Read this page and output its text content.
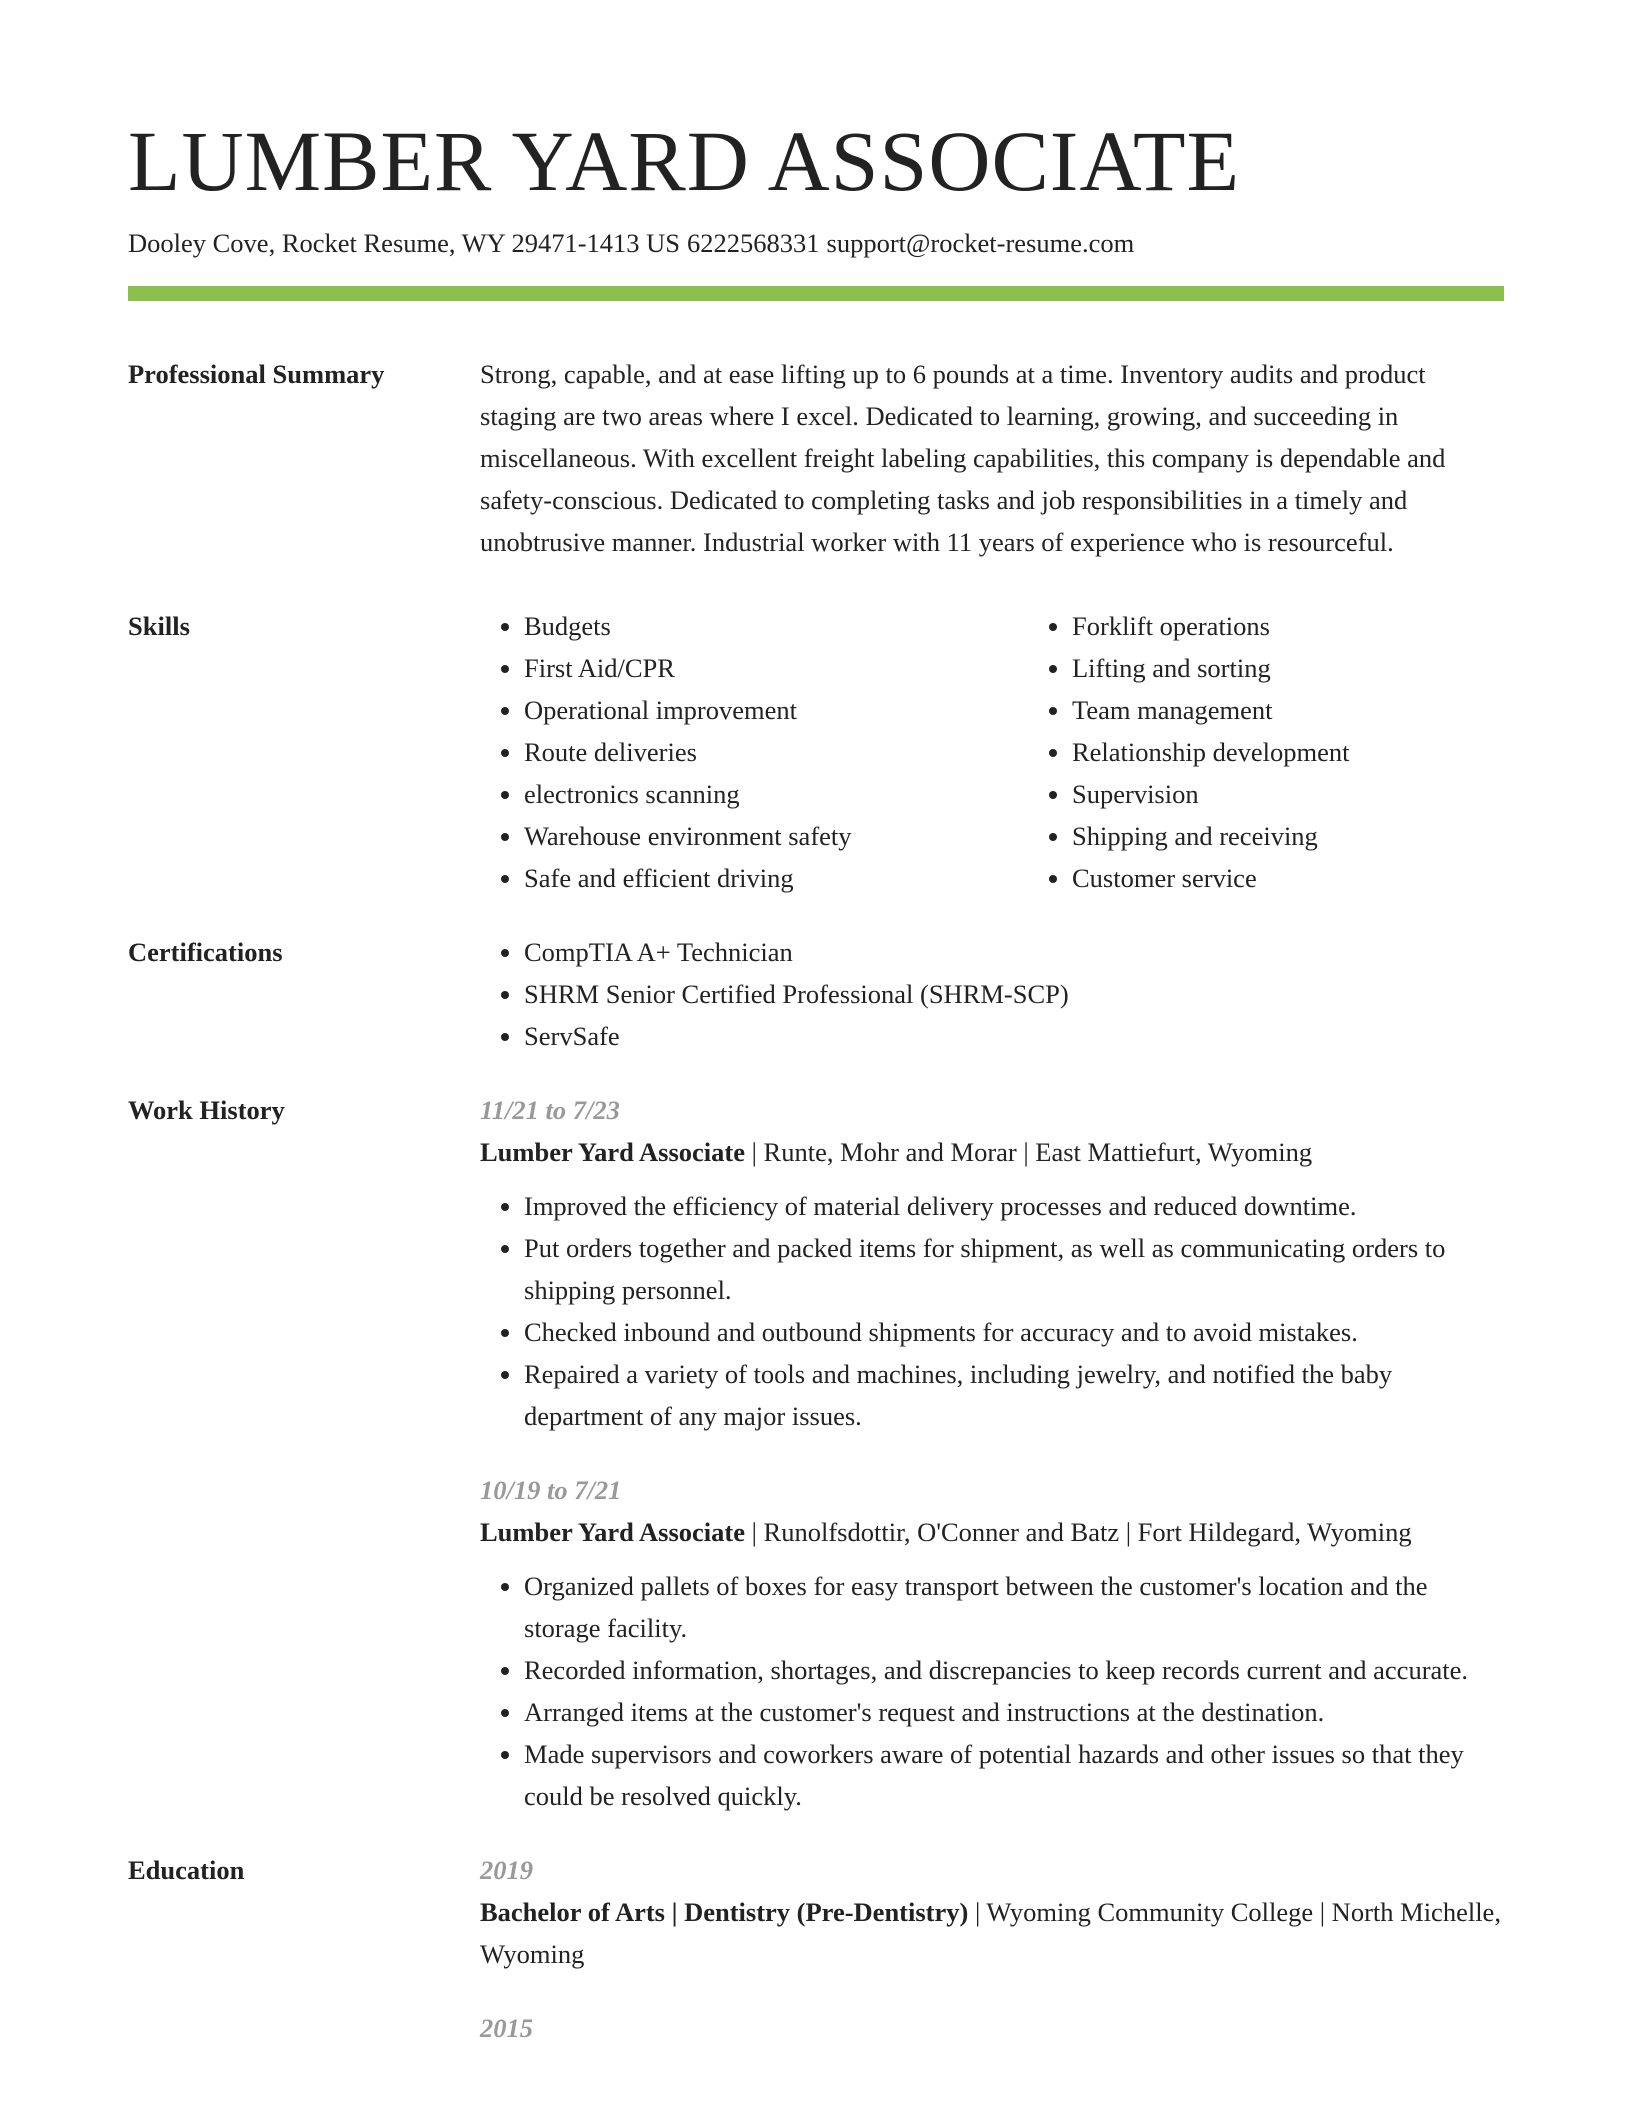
LUMBER YARD ASSOCIATE
Dooley Cove, Rocket Resume, WY 29471-1413 US 6222568331 support@rocket-resume.com
Professional Summary	Strong, capable, and at ease lifting up to 6 pounds at a time. Inventory audits and product staging are two areas where I excel. Dedicated to learning, growing, and succeeding in miscellaneous. With excellent freight labeling capabilities, this company is dependable and safety-conscious. Dedicated to completing tasks and job responsibilities in a timely and unobtrusive manner. Industrial worker with 11 years of experience who is resourceful.

Skills	• Budgets
• First Aid/CPR
• Operational improvement
• Route deliveries
• electronics scanning
• Warehouse environment safety
• Safe and efficient driving
• Forklift operations
• Lifting and sorting
• Team management
• Relationship development
• Supervision
• Shipping and receiving
• Customer service
Certifications	• CompTIA A+ Technician
• SHRM Senior Certified Professional (SHRM-SCP)
• ServSafe
Work History	11/21 to 7/23
Lumber Yard Associate | Runte, Mohr and Morar | East Mattiefurt, Wyoming
• Improved the efficiency of material delivery processes and reduced downtime.
• Put orders together and packed items for shipment, as well as communicating orders to shipping personnel.
• Checked inbound and outbound shipments for accuracy and to avoid mistakes.
• Repaired a variety of tools and machines, including jewelry, and notified the baby department of any major issues.
10/19 to 7/21
Lumber Yard Associate | Runolfsdottir, O'Conner and Batz | Fort Hildegard, Wyoming
• Organized pallets of boxes for easy transport between the customer's location and the storage facility.
• Recorded information, shortages, and discrepancies to keep records current and accurate.
• Arranged items at the customer's request and instructions at the destination.
• Made supervisors and coworkers aware of potential hazards and other issues so that they could be resolved quickly.
Education	2019
Bachelor of Arts | Dentistry (Pre-Dentistry) | Wyoming Community College | North Michelle, Wyoming
2015
